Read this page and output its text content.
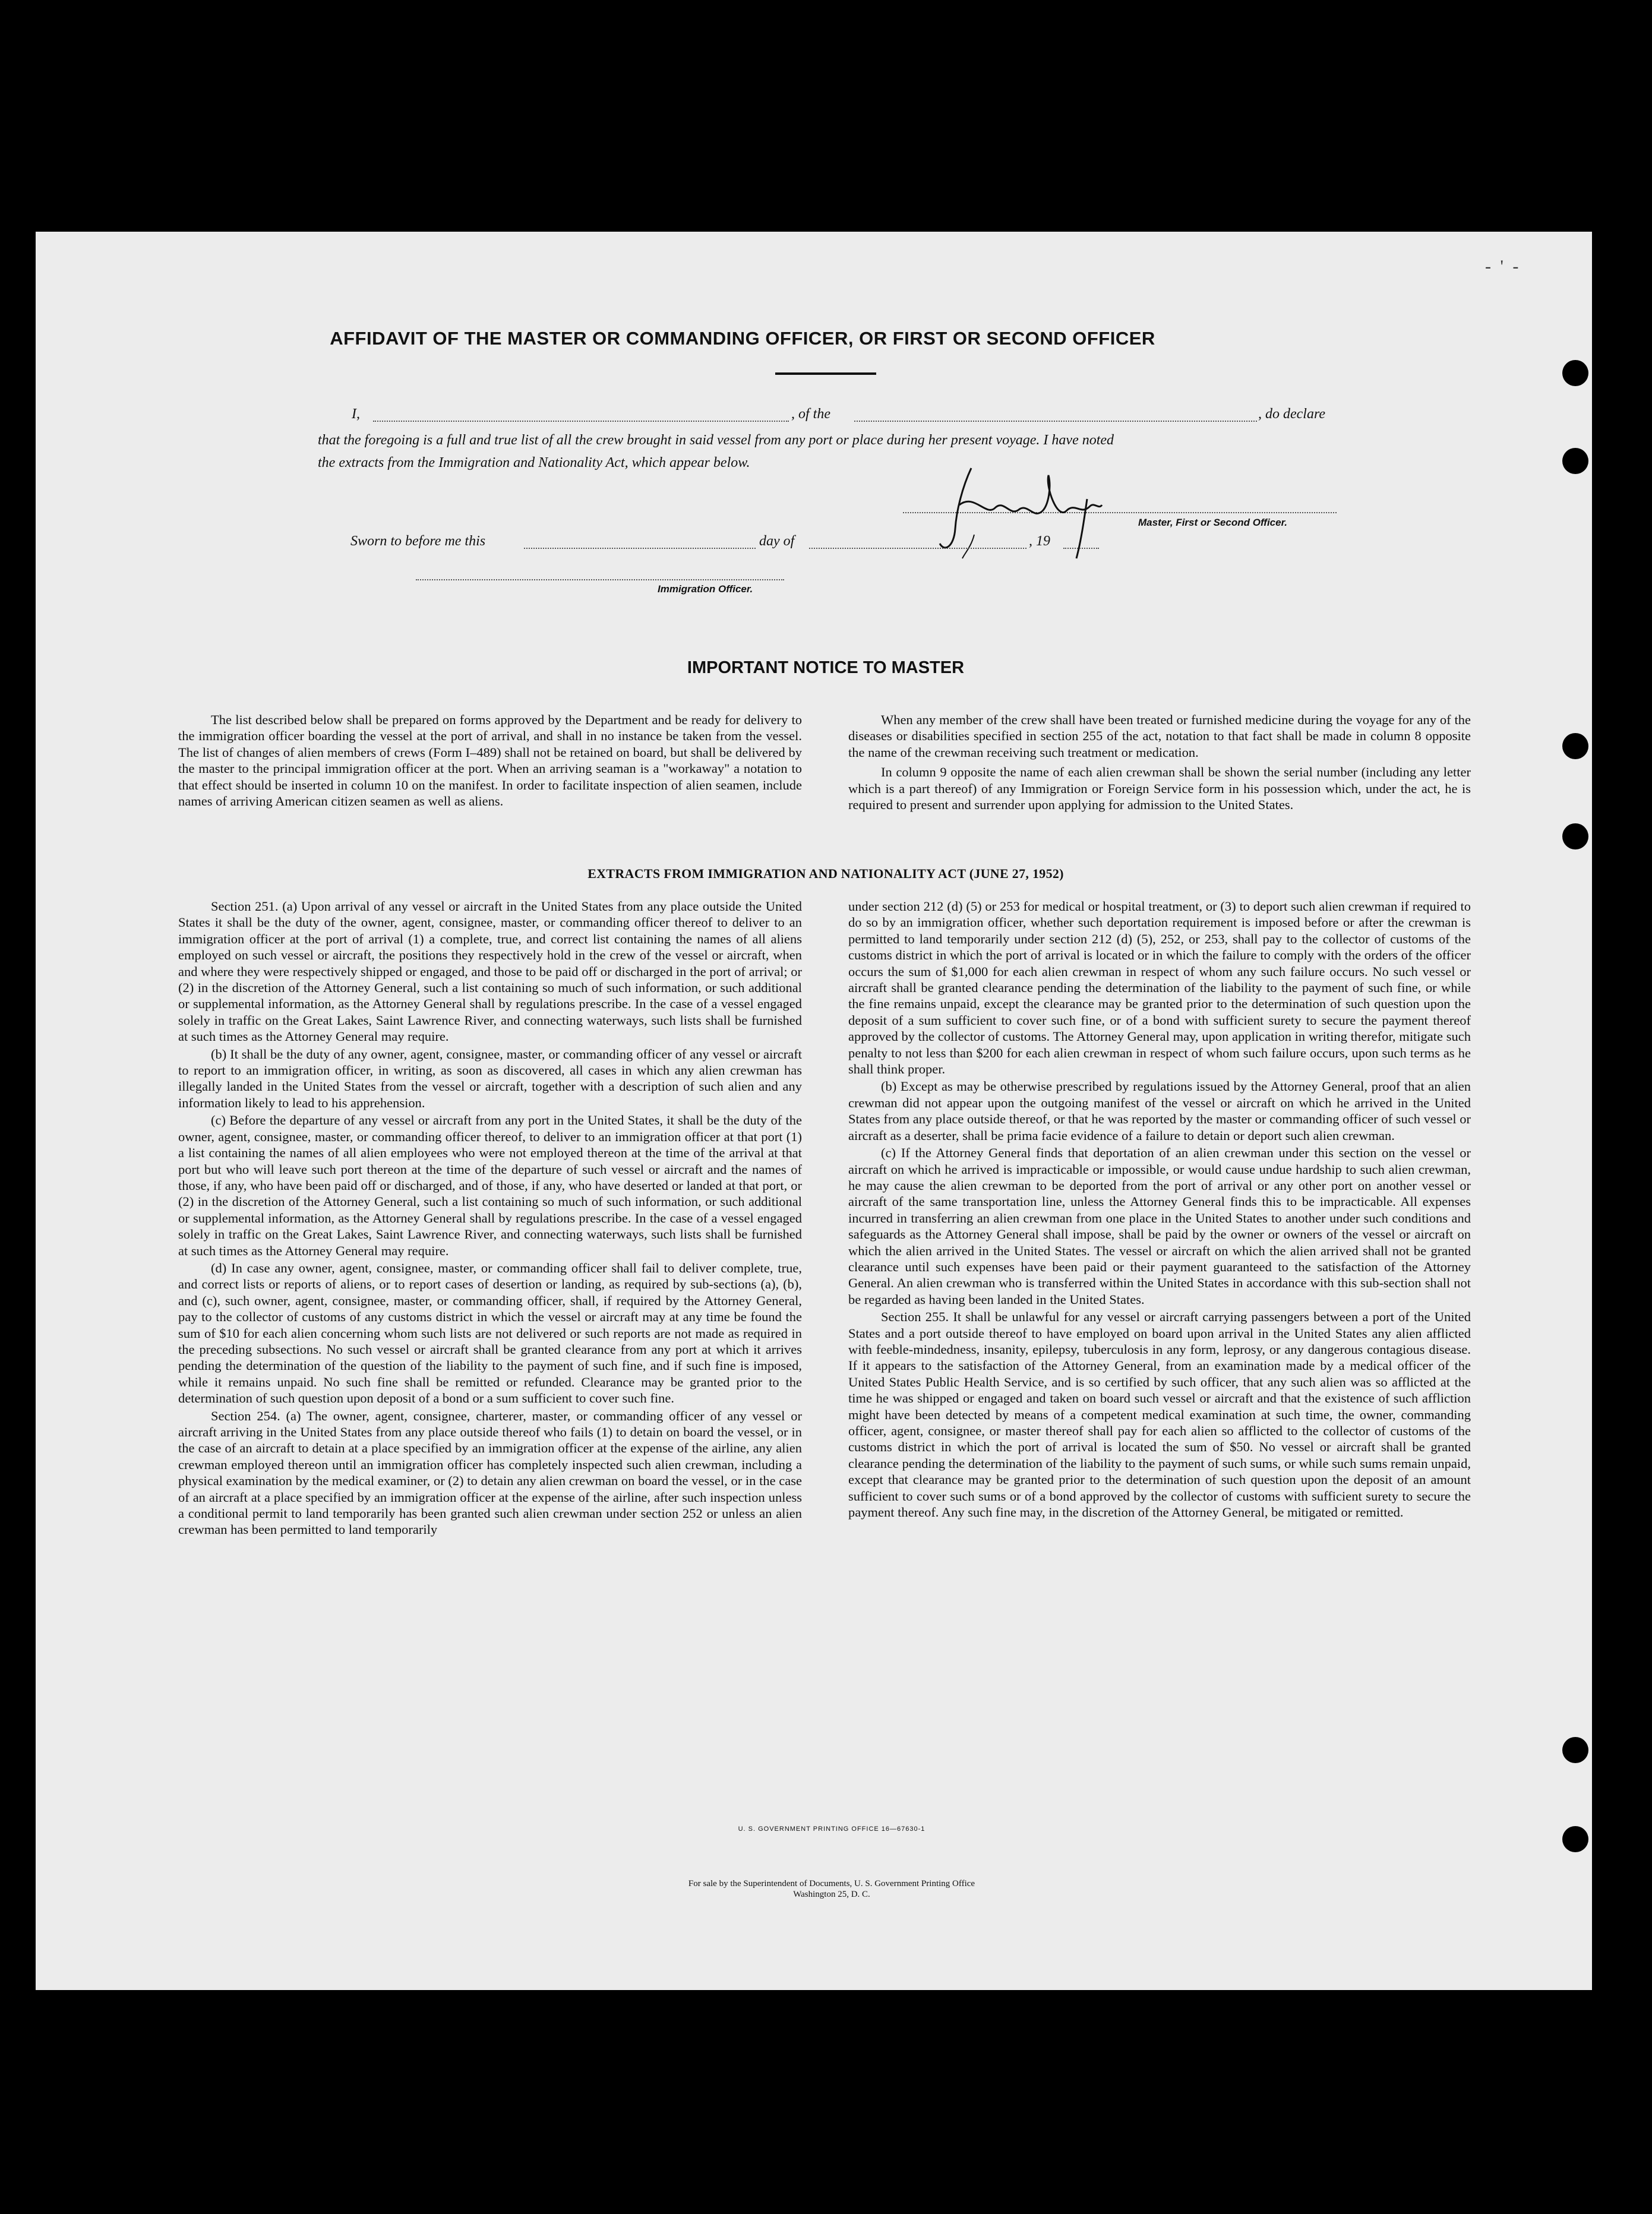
- ' -
AFFIDAVIT OF THE MASTER OR COMMANDING OFFICER, OR FIRST OR SECOND OFFICER
I,	, of the	, do declare
that the foregoing is a full and true list of all the crew brought in said vessel from any port or place during her present voyage. I have noted
the extracts from the Immigration and Nationality Act, which appear below.
Master, First or Second Officer.
Sworn to before me this	day of	, 19
Immigration Officer.
IMPORTANT NOTICE TO MASTER

The list described below shall be prepared on forms approved by the Department and be ready for delivery to the immigration officer boarding the vessel at the port of arrival, and shall in no instance be taken from the vessel. The list of changes of alien members of crews (Form I–489) shall not be retained on board, but shall be delivered by the master to the principal immigration officer at the port. When an arriving seaman is a "workaway" a notation to that effect should be inserted in column 10 on the manifest. In order to facilitate inspection of alien seamen, include names of arriving American citizen seamen as well as aliens.

When any member of the crew shall have been treated or furnished medicine during the voyage for any of the diseases or disabilities specified in section 255 of the act, notation to that fact shall be made in column 8 opposite the name of the crewman receiving such treatment or medication.

In column 9 opposite the name of each alien crewman shall be shown the serial number (including any letter which is a part thereof) of any Immigration or Foreign Service form in his possession which, under the act, he is required to present and surrender upon applying for admission to the United States.

EXTRACTS FROM IMMIGRATION AND NATIONALITY ACT (JUNE 27, 1952)

Section 251. (a) Upon arrival of any vessel or aircraft in the United States from any place outside the United States it shall be the duty of the owner, agent, consignee, master, or commanding officer thereof to deliver to an immigration officer at the port of arrival (1) a complete, true, and correct list containing the names of all aliens employed on such vessel or aircraft, the positions they respectively hold in the crew of the vessel or aircraft, when and where they were respectively shipped or engaged, and those to be paid off or discharged in the port of arrival; or (2) in the discretion of the Attorney General, such a list containing so much of such information, or such additional or supplemental information, as the Attorney General shall by regulations prescribe. In the case of a vessel engaged solely in traffic on the Great Lakes, Saint Lawrence River, and connecting waterways, such lists shall be furnished at such times as the Attorney General may require.

(b) It shall be the duty of any owner, agent, consignee, master, or commanding officer of any vessel or aircraft to report to an immigration officer, in writing, as soon as discovered, all cases in which any alien crewman has illegally landed in the United States from the vessel or aircraft, together with a description of such alien and any information likely to lead to his apprehension.

(c) Before the departure of any vessel or aircraft from any port in the United States, it shall be the duty of the owner, agent, consignee, master, or commanding officer thereof, to deliver to an immigration officer at that port (1) a list containing the names of all alien employees who were not employed thereon at the time of the arrival at that port but who will leave such port thereon at the time of the departure of such vessel or aircraft and the names of those, if any, who have been paid off or discharged, and of those, if any, who have deserted or landed at that port, or (2) in the discretion of the Attorney General, such a list containing so much of such information, or such additional or supplemental information, as the Attorney General shall by regulations prescribe. In the case of a vessel engaged solely in traffic on the Great Lakes, Saint Lawrence River, and connecting waterways, such lists shall be furnished at such times as the Attorney General may require.

(d) In case any owner, agent, consignee, master, or commanding officer shall fail to deliver complete, true, and correct lists or reports of aliens, or to report cases of desertion or landing, as required by sub-sections (a), (b), and (c), such owner, agent, consignee, master, or commanding officer, shall, if required by the Attorney General, pay to the collector of customs of any customs district in which the vessel or aircraft may at any time be found the sum of $10 for each alien concerning whom such lists are not delivered or such reports are not made as required in the preceding subsections. No such vessel or aircraft shall be granted clearance from any port at which it arrives pending the determination of the question of the liability to the payment of such fine, and if such fine is imposed, while it remains unpaid. No such fine shall be remitted or refunded. Clearance may be granted prior to the determination of such question upon deposit of a bond or a sum sufficient to cover such fine.

Section 254. (a) The owner, agent, consignee, charterer, master, or commanding officer of any vessel or aircraft arriving in the United States from any place outside thereof who fails (1) to detain on board the vessel, or in the case of an aircraft to detain at a place specified by an immigration officer at the expense of the airline, any alien crewman employed thereon until an immigration officer has completely inspected such alien crewman, including a physical examination by the medical examiner, or (2) to detain any alien crewman on board the vessel, or in the case of an aircraft at a place specified by an immigration officer at the expense of the airline, after such inspection unless a conditional permit to land temporarily has been granted such alien crewman under section 252 or unless an alien crewman has been permitted to land temporarily

under section 212 (d) (5) or 253 for medical or hospital treatment, or (3) to deport such alien crewman if required to do so by an immigration officer, whether such deportation requirement is imposed before or after the crewman is permitted to land temporarily under section 212 (d) (5), 252, or 253, shall pay to the collector of customs of the customs district in which the port of arrival is located or in which the failure to comply with the orders of the officer occurs the sum of $1,000 for each alien crewman in respect of whom any such failure occurs. No such vessel or aircraft shall be granted clearance pending the determination of the liability to the payment of such fine, or while the fine remains unpaid, except the clearance may be granted prior to the determination of such question upon the deposit of a sum sufficient to cover such fine, or of a bond with sufficient surety to secure the payment thereof approved by the collector of customs. The Attorney General may, upon application in writing therefor, mitigate such penalty to not less than $200 for each alien crewman in respect of whom such failure occurs, upon such terms as he shall think proper.

(b) Except as may be otherwise prescribed by regulations issued by the Attorney General, proof that an alien crewman did not appear upon the outgoing manifest of the vessel or aircraft on which he arrived in the United States from any place outside thereof, or that he was reported by the master or commanding officer of such vessel or aircraft as a deserter, shall be prima facie evidence of a failure to detain or deport such alien crewman.

(c) If the Attorney General finds that deportation of an alien crewman under this section on the vessel or aircraft on which he arrived is impracticable or impossible, or would cause undue hardship to such alien crewman, he may cause the alien crewman to be deported from the port of arrival or any other port on another vessel or aircraft of the same transportation line, unless the Attorney General finds this to be impracticable. All expenses incurred in transferring an alien crewman from one place in the United States to another under such conditions and safeguards as the Attorney General shall impose, shall be paid by the owner or owners of the vessel or aircraft on which the alien arrived in the United States. The vessel or aircraft on which the alien arrived shall not be granted clearance until such expenses have been paid or their payment guaranteed to the satisfaction of the Attorney General. An alien crewman who is transferred within the United States in accordance with this sub-section shall not be regarded as having been landed in the United States.

Section 255. It shall be unlawful for any vessel or aircraft carrying passengers between a port of the United States and a port outside thereof to have employed on board upon arrival in the United States any alien afflicted with feeble-mindedness, insanity, epilepsy, tuberculosis in any form, leprosy, or any dangerous contagious disease. If it appears to the satisfaction of the Attorney General, from an examination made by a medical officer of the United States Public Health Service, and is so certified by such officer, that any such alien was so afflicted at the time he was shipped or engaged and taken on board such vessel or aircraft and that the existence of such affliction might have been detected by means of a competent medical examination at such time, the owner, commanding officer, agent, consignee, or master thereof shall pay for each alien so afflicted to the collector of customs of the customs district in which the port of arrival is located the sum of $50. No vessel or aircraft shall be granted clearance pending the determination of the liability to the payment of such sums, or while such sums remain unpaid, except that clearance may be granted prior to the determination of such question upon the deposit of an amount sufficient to cover such sums or of a bond approved by the collector of customs with sufficient surety to secure the payment thereof. Any such fine may, in the discretion of the Attorney General, be mitigated or remitted.

U. S. GOVERNMENT PRINTING OFFICE 16—67630-1
For sale by the Superintendent of Documents, U. S. Government Printing Office
Washington 25, D. C.
